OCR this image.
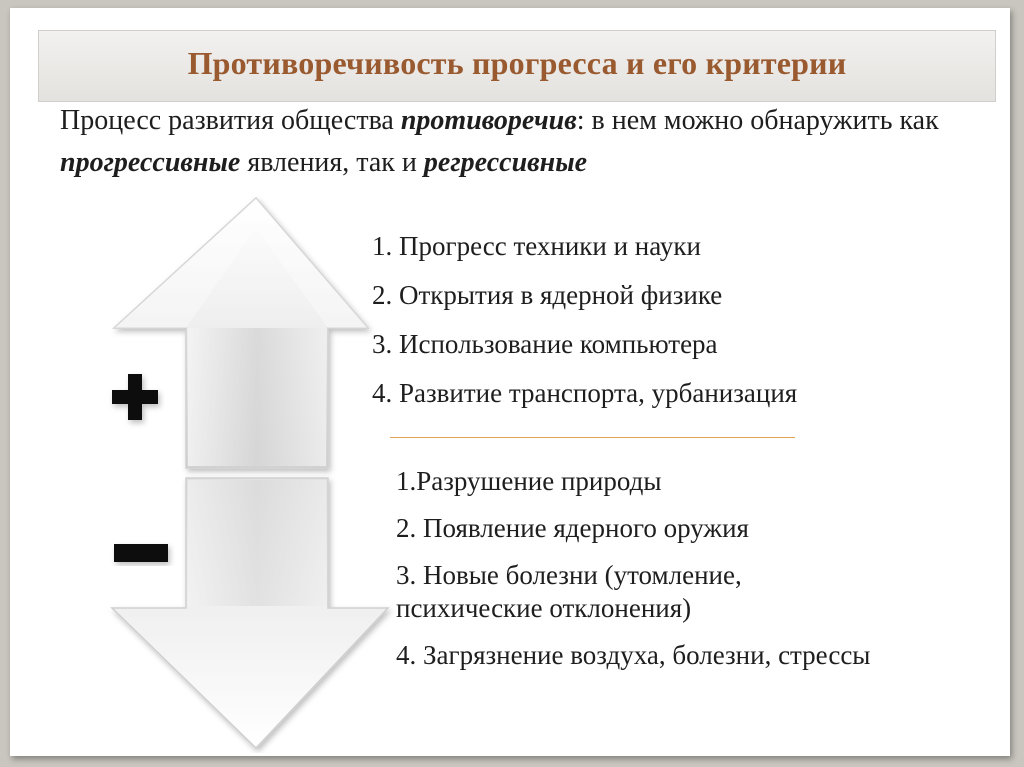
Противоречивость прогресса и его критерии
Процесс развития общества противоречив: в нем можно обнаружить как прогрессивные явления, так и регрессивные
1. Прогресс техники и науки
2. Открытия в ядерной физике
3. Использование компьютера
4. Развитие транспорта, урбанизация
1.Разрушение природы
2. Появление ядерного оружия
3. Новые болезни (утомление, психические отклонения)
4. Загрязнение воздуха, болезни, стрессы
